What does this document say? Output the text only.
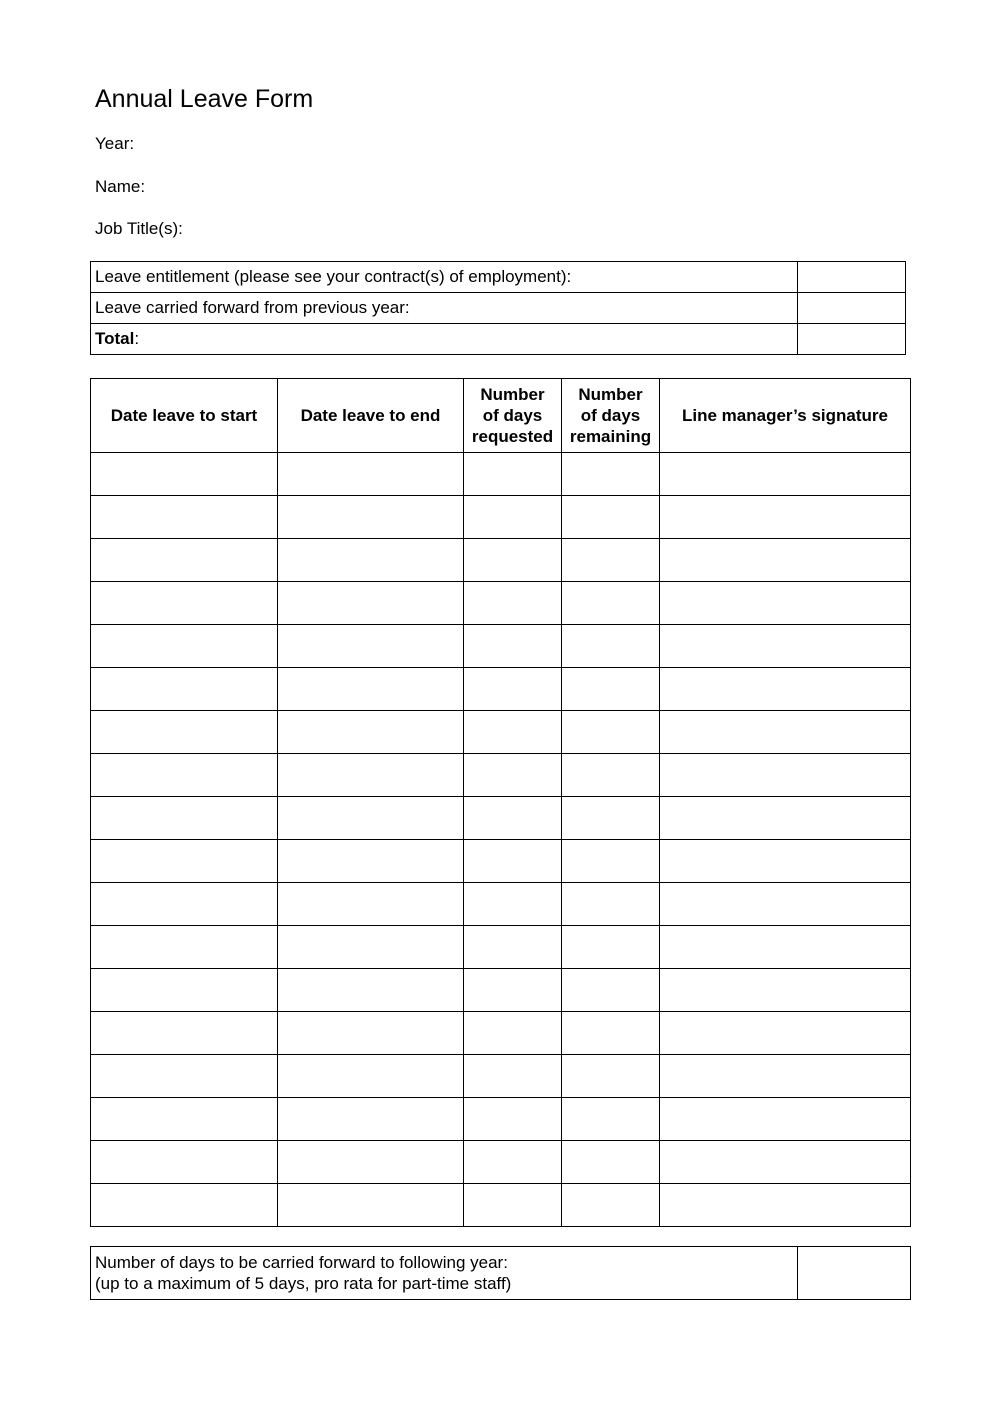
Annual Leave Form
Year:
Name:
Job Title(s):
Leave entitlement (please see your contract(s) of employment):	
Leave carried forward from previous year:	
Total:	
Date leave to start	Date leave to end	Number
of days
requested	Number
of days
remaining	Line manager’s signature

Number of days to be carried forward to following year:
(up to a maximum of 5 days, pro rata for part-time staff)
